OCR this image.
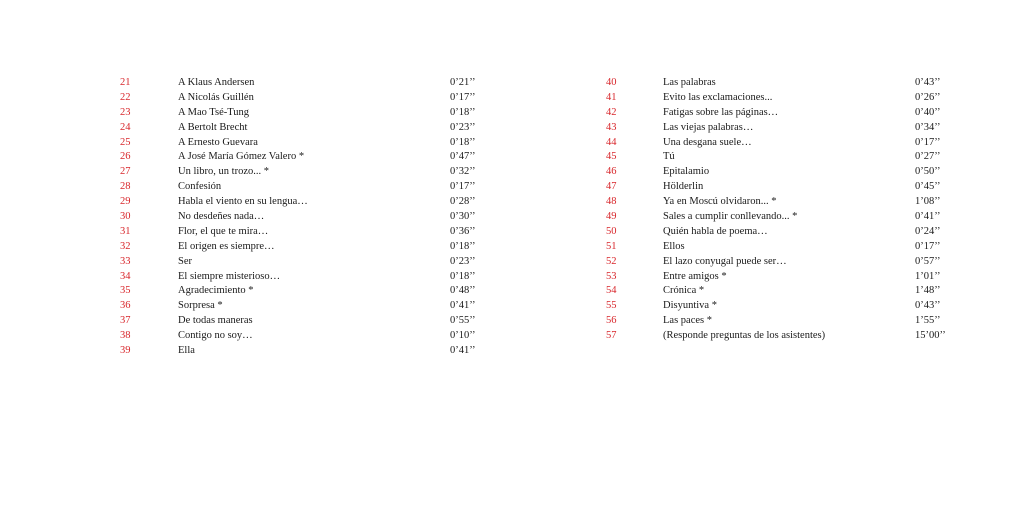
21	A Klaus Andersen	0’21’’
22	A Nicolás Guillén	0’17’’
23	A Mao Tsé-Tung	0’18’’
24	A Bertolt Brecht	0’23’’
25	A Ernesto Guevara	0’18’’
26	A José María Gómez Valero *	0’47’’
27	Un libro, un trozo... *	0’32’’
28	Confesión	0’17’’
29	Habla el viento en su lengua…	0’28’’
30	No desdeñes nada…	0’30’’
31	Flor, el que te mira…	0’36’’
32	El origen es siempre…	0’18’’
33	Ser	0’23’’
34	El siempre misterioso…	0’18’’
35	Agradecimiento *	0’48’’
36	Sorpresa *	0’41’’
37	De todas maneras	0’55’’
38	Contigo no soy…	0’10’’
39	Ella	0’41’’
40	Las palabras	0’43’’
41	Evito las exclamaciones...	0’26’’
42	Fatigas sobre las páginas…	0’40’’
43	Las viejas palabras…	0’34’’
44	Una desgana suele…	0’17’’
45	Tú	0’27’’
46	Epitalamio	0’50’’
47	Hölderlin	0’45’’
48	Ya en Moscú olvidaron... *	1’08’’
49	Sales a cumplir conllevando... *	0’41’’
50	Quién habla de poema…	0’24’’
51	Ellos	0’17’’
52	El lazo conyugal puede ser…	0’57’’
53	Entre amigos *	1’01’’
54	Crónica *	1’48’’
55	Disyuntiva *	0’43’’
56	Las paces *	1’55’’
57	(Responde preguntas de los asistentes)	15’00’’
